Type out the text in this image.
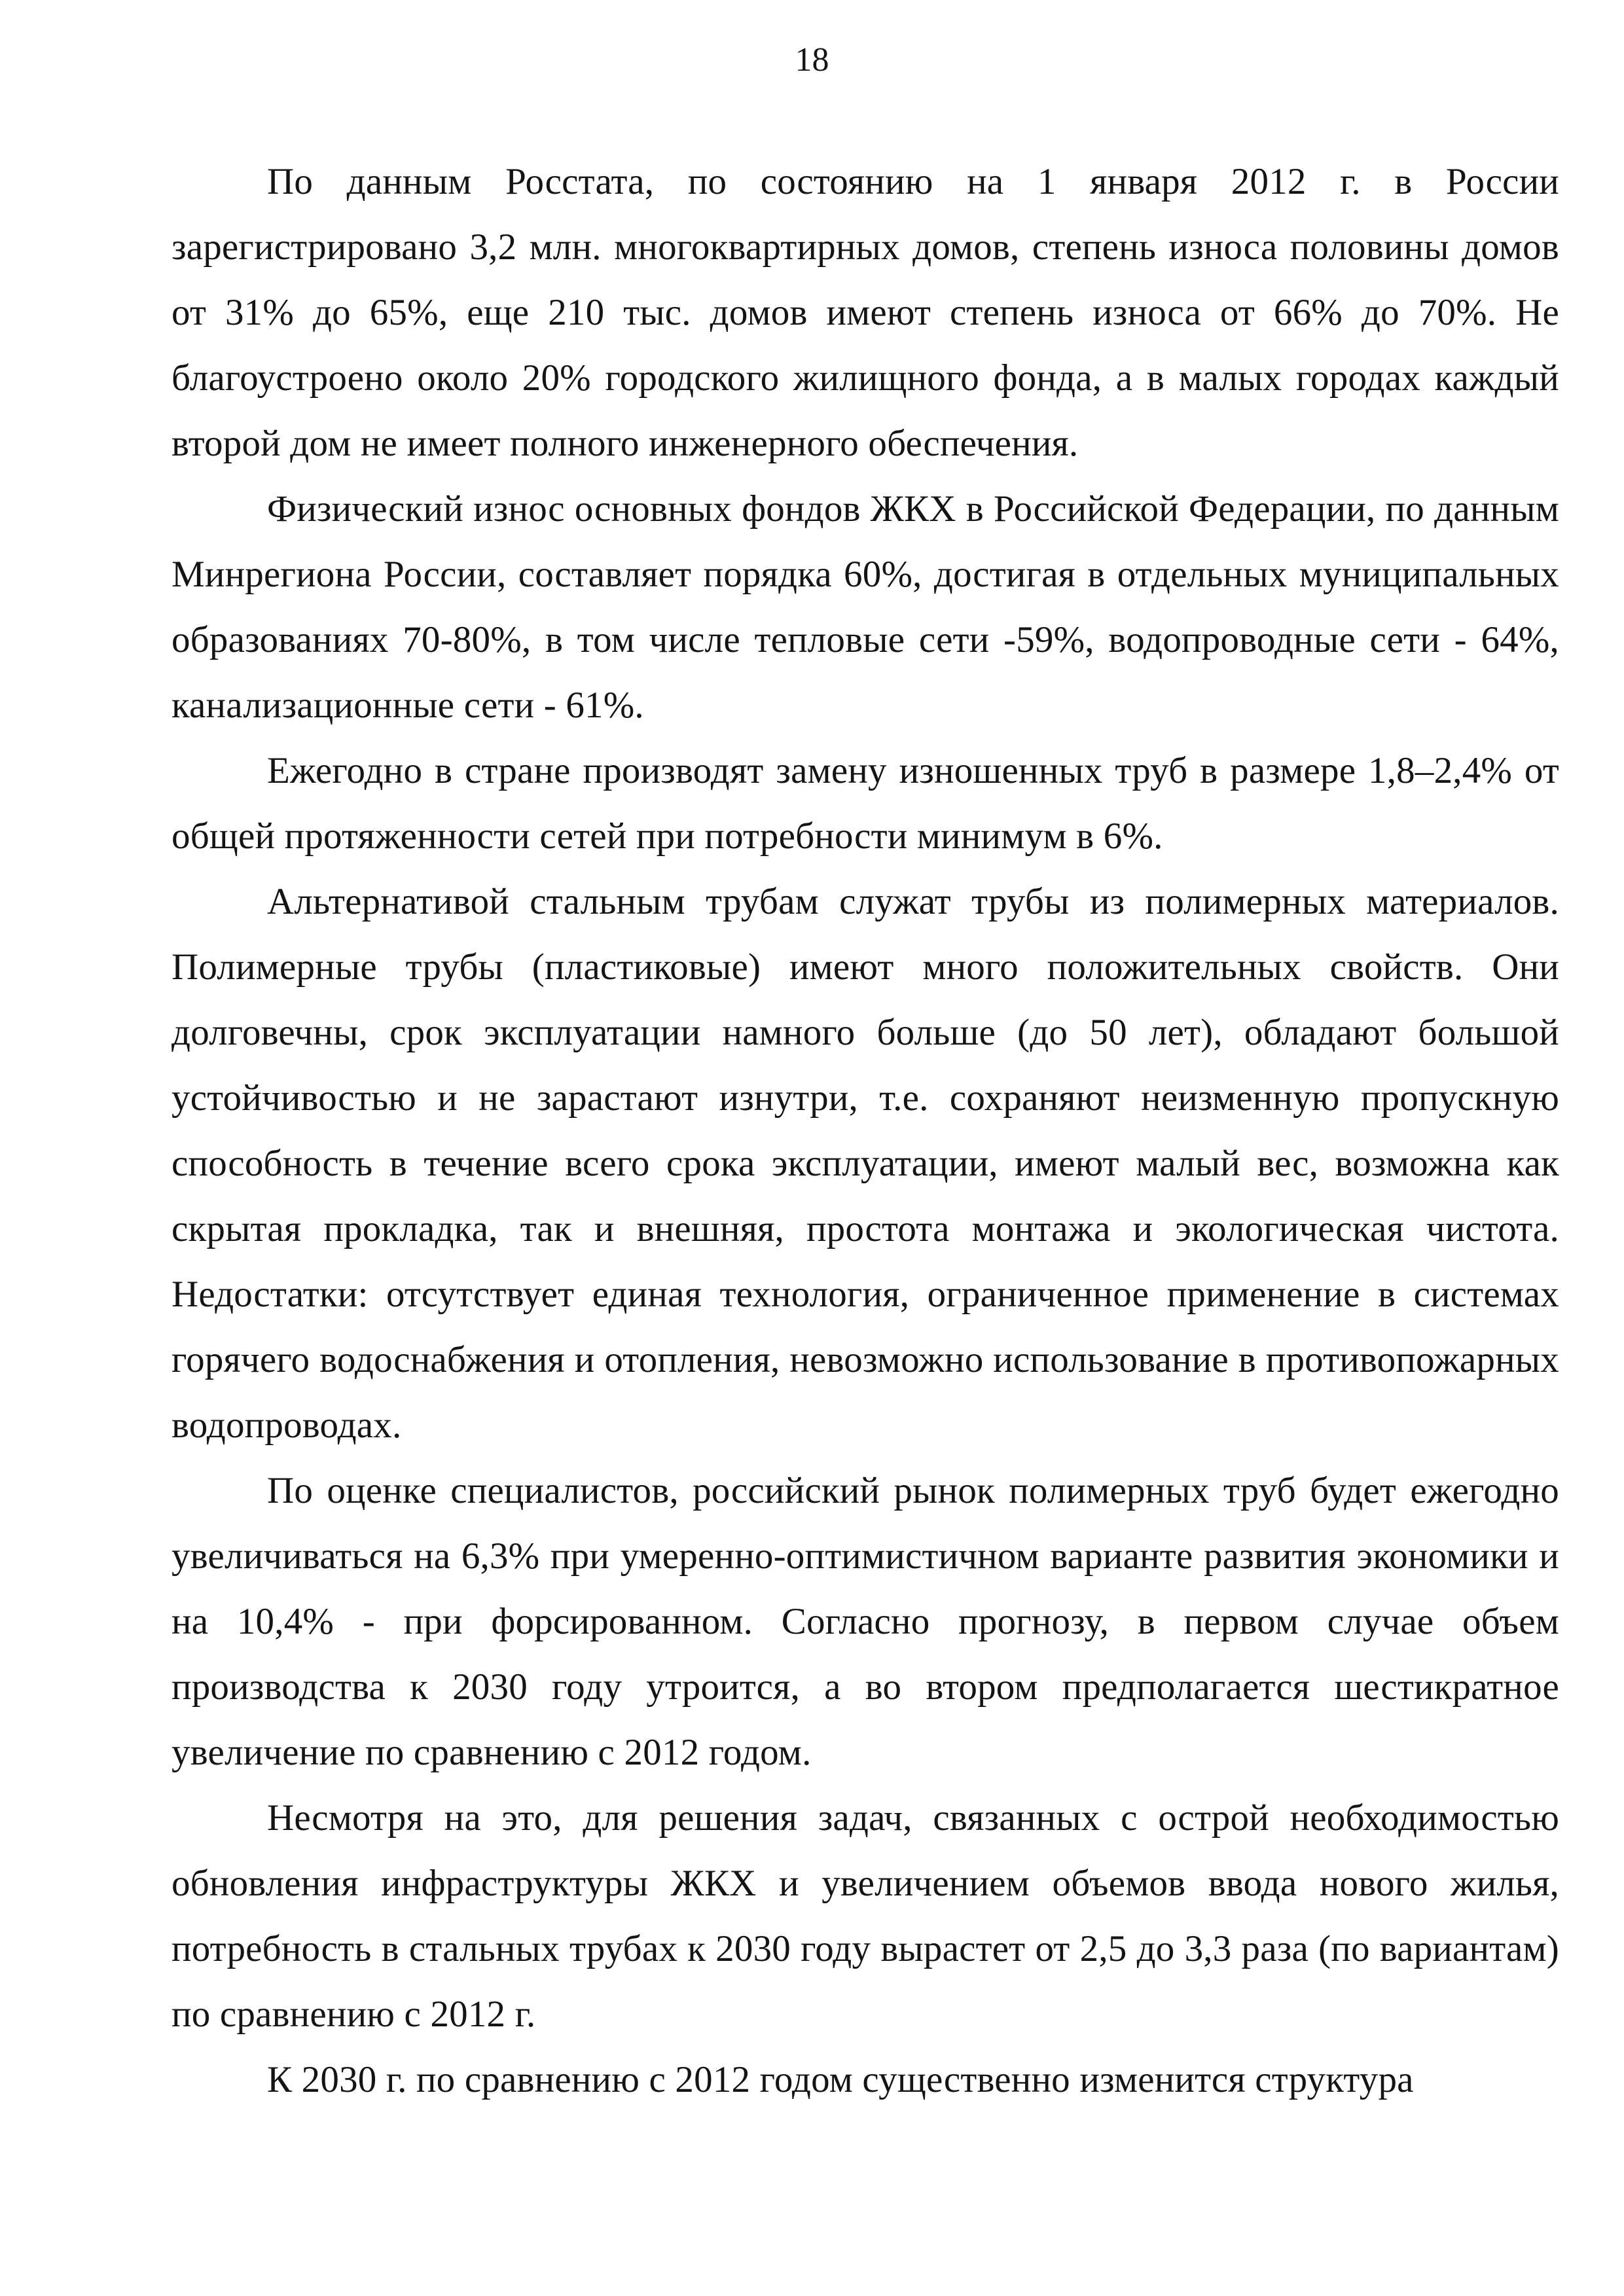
18

По данным Росстата, по состоянию на 1 января 2012 г. в России зарегистрировано 3,2 млн. многоквартирных домов, степень износа половины домов от 31% до 65%, еще 210 тыс. домов имеют степень износа от 66% до 70%. Не благоустроено около 20% городского жилищного фонда, а в малых городах каждый второй дом не имеет полного инженерного обеспечения.

Физический износ основных фондов ЖКХ в Российской Федерации, по данным Минрегиона России, составляет порядка 60%, достигая в отдельных муниципальных образованиях 70-80%, в том числе тепловые сети -59%, водопроводные сети - 64%, канализационные сети - 61%.

Ежегодно в стране производят замену изношенных труб в размере 1,8–2,4% от общей протяженности сетей при потребности минимум в 6%.

Альтернативой стальным трубам служат трубы из полимерных материалов. Полимерные трубы (пластиковые) имеют много положительных свойств. Они долговечны, срок эксплуатации намного больше (до 50 лет), обладают большой устойчивостью и не зарастают изнутри, т.е. сохраняют неизменную пропускную способность в течение всего срока эксплуатации, имеют малый вес, возможна как скрытая прокладка, так и внешняя, простота монтажа и экологическая чистота. Недостатки: отсутствует единая технология, ограниченное применение в системах горячего водоснабжения и отопления, невозможно использование в противопожарных водопроводах.

По оценке специалистов, российский рынок полимерных труб будет ежегодно увеличиваться на 6,3% при умеренно-оптимистичном варианте развития экономики и на 10,4% - при форсированном. Согласно прогнозу, в первом случае объем производства к 2030 году утроится, а во втором предполагается шестикратное увеличение по сравнению с 2012 годом.

Несмотря на это, для решения задач, связанных с острой необходимостью обновления инфраструктуры ЖКХ и увеличением объемов ввода нового жилья, потребность в стальных трубах к 2030 году вырастет от 2,5 до 3,3 раза (по вариантам) по сравнению с 2012 г.

К 2030 г. по сравнению с 2012 годом существенно изменится структура
